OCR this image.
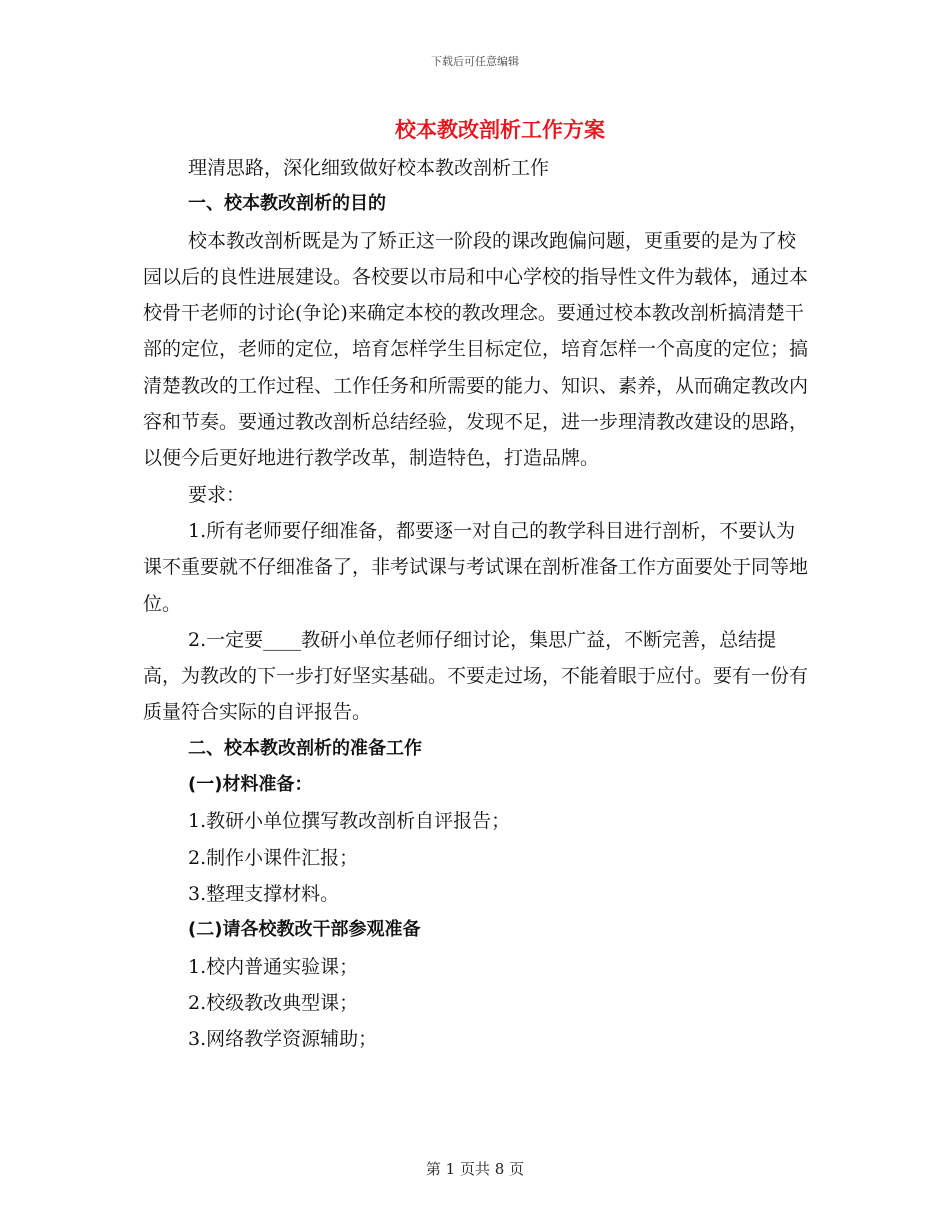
下载后可任意编辑
校本教改剖析工作方案

理清思路，深化细致做好校本教改剖析工作

一、校本教改剖析的目的

校本教改剖析既是为了矫正这一阶段的课改跑偏问题，更重要的是为了校园以后的良性进展建设。各校要以市局和中心学校的指导性文件为载体，通过本校骨干老师的讨论(争论)来确定本校的教改理念。要通过校本教改剖析搞清楚干部的定位，老师的定位，培育怎样学生目标定位，培育怎样一个高度的定位；搞清楚教改的工作过程、工作任务和所需要的能力、知识、素养，从而确定教改内容和节奏。要通过教改剖析总结经验，发现不足，进一步理清教改建设的思路，以便今后更好地进行教学改革，制造特色，打造品牌。

要求：

1.所有老师要仔细准备，都要逐一对自己的教学科目进行剖析，不要认为课不重要就不仔细准备了，非考试课与考试课在剖析准备工作方面要处于同等地位。

2.一定要____教研小单位老师仔细讨论，集思广益，不断完善，总结提高，为教改的下一步打好坚实基础。不要走过场，不能着眼于应付。要有一份有质量符合实际的自评报告。

二、校本教改剖析的准备工作

(一)材料准备：

1.教研小单位撰写教改剖析自评报告；

2.制作小课件汇报；

3.整理支撑材料。

(二)请各校教改干部参观准备

1.校内普通实验课；

2.校级教改典型课；

3.网络教学资源辅助；

第 1 页共 8 页
